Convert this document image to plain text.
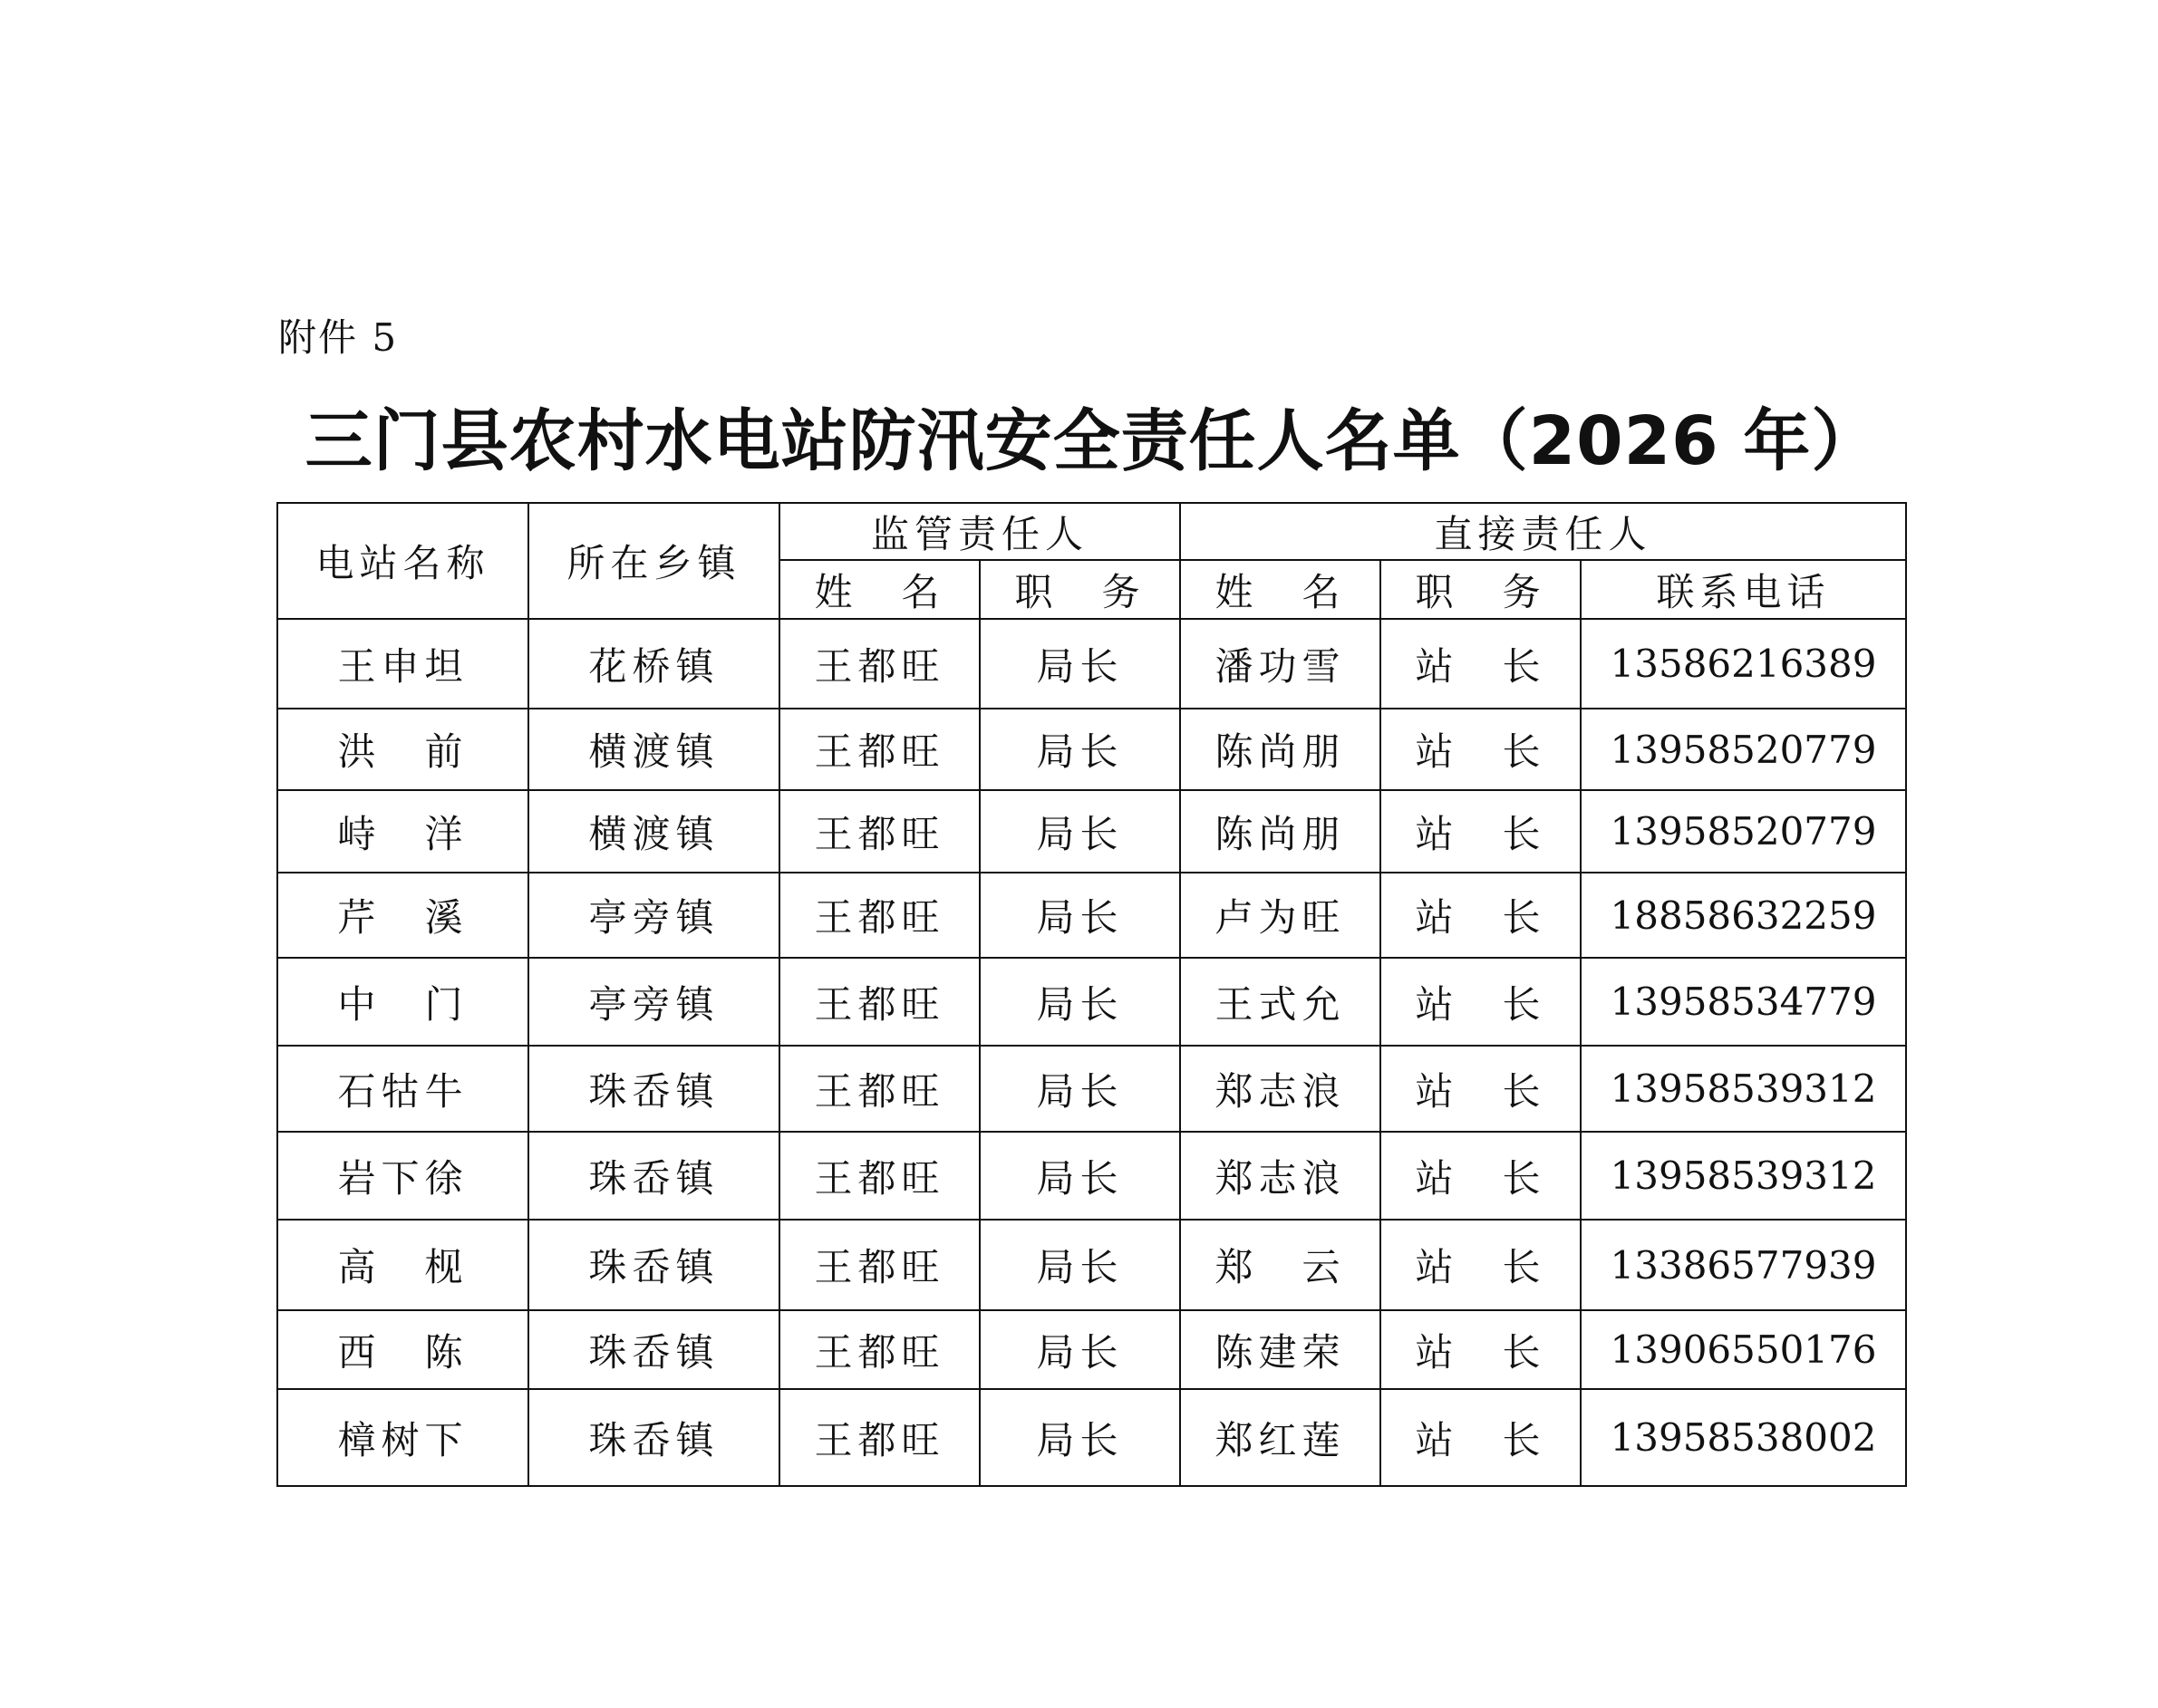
附件 5
三门县农村水电站防汛安全责任人名单（2026 年）
电站名称	所在乡镇	监管责任人		直接责任人		
		姓　名	职　务	姓　名	职　务	联系电话
王申坦	花桥镇	王都旺	局长	潘功雪	站　长	13586216389
洪　前	横渡镇	王都旺	局长	陈尚朋	站　长	13958520779
峙　洋	横渡镇	王都旺	局长	陈尚朋	站　长	13958520779
芹　溪	亭旁镇	王都旺	局长	卢为旺	站　长	18858632259
中　门	亭旁镇	王都旺	局长	王式允	站　长	13958534779
石牯牛	珠岙镇	王都旺	局长	郑志浪	站　长	13958539312
岩下徐	珠岙镇	王都旺	局长	郑志浪	站　长	13958539312
高　枧	珠岙镇	王都旺	局长	郑　云	站　长	13386577939
西　陈	珠岙镇	王都旺	局长	陈建荣	站　长	13906550176
樟树下	珠岙镇	王都旺	局长	郑红莲	站　长	13958538002
